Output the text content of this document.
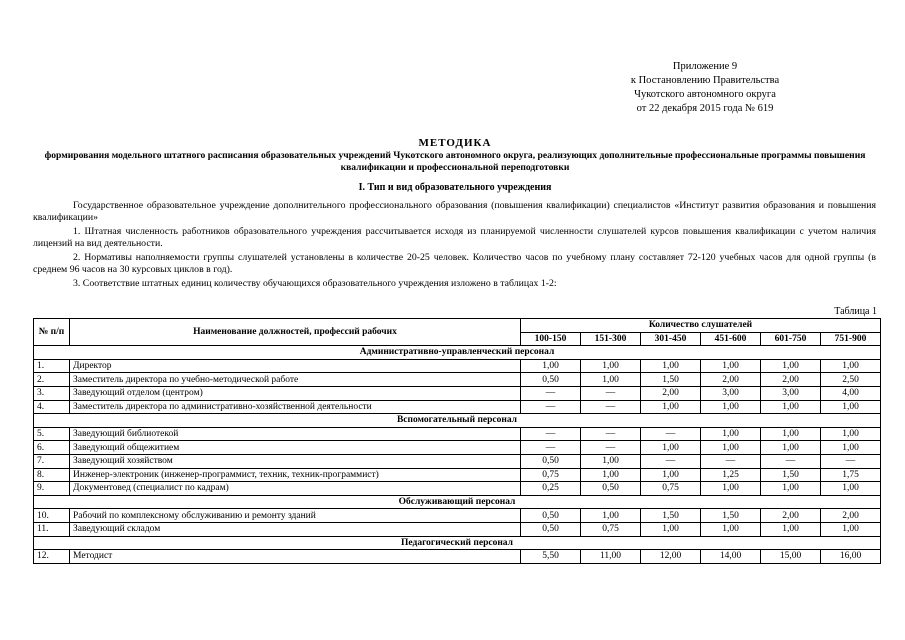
Приложение 9
к Постановлению Правительства
Чукотского автономного округа
от 22 декабря 2015 года № 619
МЕТОДИКА
формирования модельного штатного расписания образовательных учреждений Чукотского автономного округа, реализующих дополнительные профессиональные программы повышения квалификации и профессиональной переподготовки
I. Тип и вид образовательного учреждения

Государственное образовательное учреждение дополнительного профессионального образования (повышения квалификации) специалистов «Институт развития образования и повышения квалификации»

1. Штатная численность работников образовательного учреждения рассчитывается исходя из планируемой численности слушателей курсов повышения квалификации с учетом наличия лицензий на вид деятельности.

2. Нормативы наполняемости группы слушателей установлены в количестве 20-25 человек. Количество часов по учебному плану составляет 72-120 учебных часов для одной группы (в среднем 96 часов на 30 курсовых циклов в год).

3. Соответствие штатных единиц количеству обучающихся образовательного учреждения изложено в таблицах 1-2:

Таблица 1
№ п/п	Наименование должностей, профессий рабочих	Количество слушателей					
		100-150	151-300	301-450	451-600	601-750	751-900
Административно-управленческий персонал							
1.	Директор	1,00	1,00	1,00	1,00	1,00	1,00
2.	Заместитель директора по учебно-методической работе	0,50	1,00	1,50	2,00	2,00	2,50
3.	Заведующий отделом (центром)	—	—	2,00	3,00	3,00	4,00
4.	Заместитель директора по административно-хозяйственной деятельности	—	—	1,00	1,00	1,00	1,00
Вспомогательный персонал							
5.	Заведующий библиотекой	—	—	—	1,00	1,00	1,00
6.	Заведующий общежитием	—	—	1,00	1,00	1,00	1,00
7.	Заведующий хозяйством	0,50	1,00	—	—	—	—
8.	Инженер-электроник (инженер-программист, техник, техник-программист)	0,75	1,00	1,00	1,25	1,50	1,75
9.	Документовед (специалист по кадрам)	0,25	0,50	0,75	1,00	1,00	1,00
Обслуживающий персонал							
10.	Рабочий по комплексному обслуживанию и ремонту зданий	0,50	1,00	1,50	1,50	2,00	2,00
11.	Заведующий складом	0,50	0,75	1,00	1,00	1,00	1,00
Педагогический персонал							
12.	Методист	5,50	11,00	12,00	14,00	15,00	16,00
